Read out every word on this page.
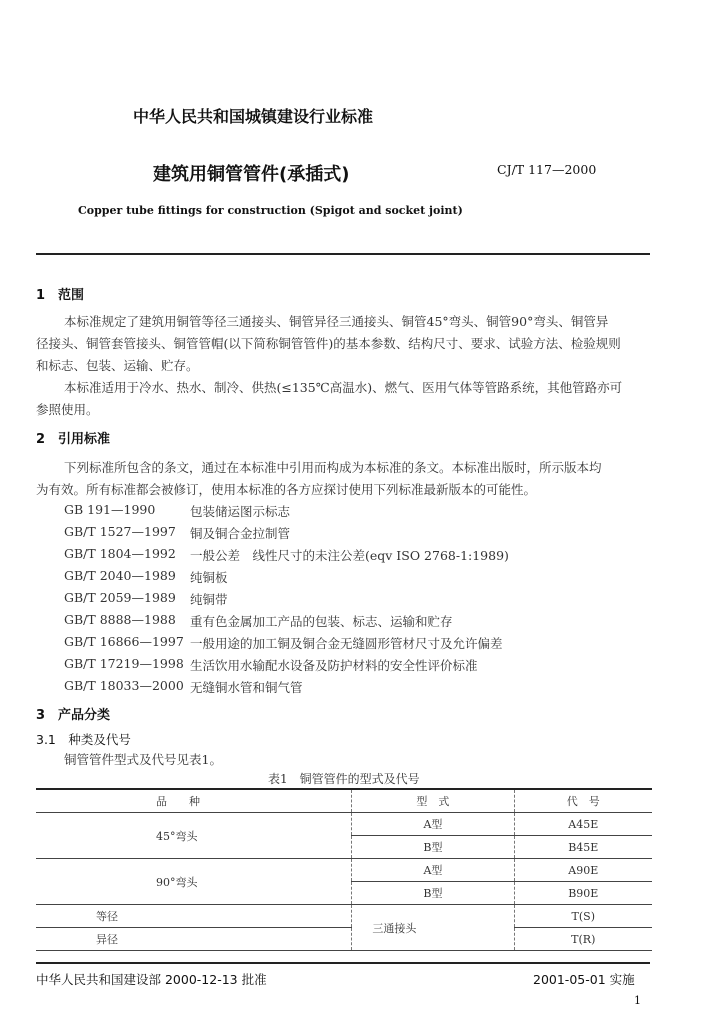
中华人民共和国城镇建设行业标准
建筑用铜管管件(承插式)	CJ/T 117—2000
Copper tube fittings for construction (Spigot and socket joint)
1　范围
本标准规定了建筑用铜管等径三通接头、铜管异径三通接头、铜管45°弯头、铜管90°弯头、铜管异
径接头、铜管套管接头、铜管管帽(以下简称铜管管件)的基本参数、结构尺寸、要求、试验方法、检验规则
和标志、包装、运输、贮存。
本标准适用于冷水、热水、制冷、供热(≤135℃高温水)、燃气、医用气体等管路系统，其他管路亦可
参照使用。
2　引用标准
下列标准所包含的条文，通过在本标准中引用而构成为本标准的条文。本标准出版时，所示版本均
为有效。所有标准都会被修订，使用本标准的各方应探讨使用下列标准最新版本的可能性。
GB 191—1990	包装储运图示标志
GB/T 1527—1997 铜及铜合金拉制管
GB/T 1804—1992 一般公差　线性尺寸的未注公差(eqv ISO 2768-1:1989)
GB/T 2040—1989 纯铜板
GB/T 2059—1989 纯铜带
GB/T 8888—1988 重有色金属加工产品的包装、标志、运输和贮存
GB/T 16866—1997 一般用途的加工铜及铜合金无缝圆形管材尺寸及允许偏差
GB/T 17219—1998 生活饮用水输配水设备及防护材料的安全性评价标准
GB/T 18033—2000 无缝铜水管和铜气管
3　产品分类
3.1　种类及代号
铜管管件型式及代号见表1。
表1　铜管管件的型式及代号
品　　种	型　式	代　号
45°弯头	A型	A45E
	B型	B45E
90°弯头	A型	A90E
	B型	B90E
等径	三通接头	T(S)
异径		T(R)
中华人民共和国建设部 2000-12-13 批准	2001-05-01 实施
1
